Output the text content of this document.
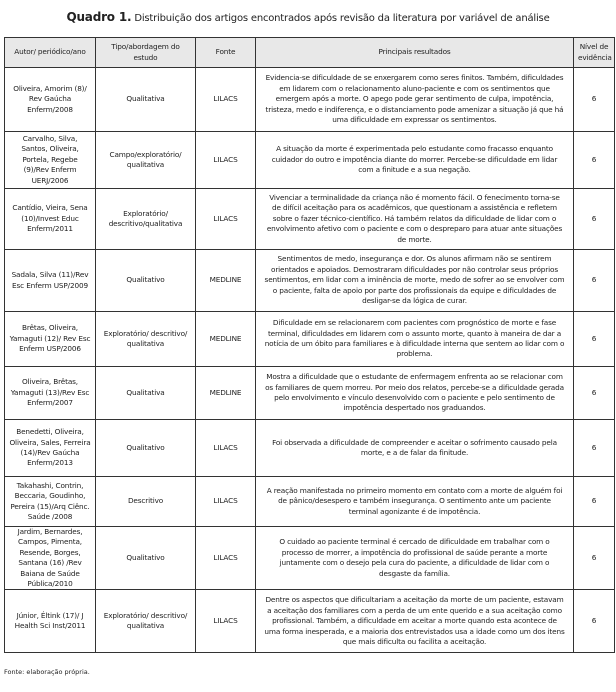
Quadro 1. Distribuição dos artigos encontrados após revisão da literatura por variável de análise
Autor/ periódico/ano	Tipo/abordagem do estudo	Fonte	Principais resultados	Nível de evidência
Oliveira, Amorim (8)/ Rev Gaúcha Enferm/2008	Qualitativa	LILACS	Evidencia-se dificuldade de se enxergarem como seres finitos. Também, dificuldades em lidarem com o relacionamento aluno-paciente e com os sentimentos que emergem após a morte. O apego pode gerar sentimento de culpa, impotência, tristeza, medo e indiferença, e o distanciamento pode amenizar a situação já que há uma dificuldade em expressar os sentimentos.	6
Carvalho, Silva, Santos, Oliveira, Portela, Regebe (9)/Rev Enferm UERJ/2006	Campo/exploratório/ qualitativa	LILACS	A situação da morte é experimentada pelo estudante como fracasso enquanto cuidador do outro e impotência diante do morrer. Percebe-se dificuldade em lidar com a finitude e a sua negação.	6
Cantídio, Vieira, Sena (10)/Invest Educ Enferm/2011	Exploratório/ descritivo/qualitativa	LILACS	Vivenciar a terminalidade da criança não é momento fácil. O fenecimento torna-se de difícil aceitação para os acadêmicos, que questionam a assistência e refletem sobre o fazer técnico-científico. Há também relatos da dificuldade de lidar com o envolvimento afetivo com o paciente e com o despreparo para atuar ante situações de morte.	6
Sadala, Silva (11)/Rev Esc Enferm USP/2009	Qualitativo	MEDLINE	Sentimentos de medo, insegurança e dor. Os alunos afirmam não se sentirem orientados e apoiados. Demostraram dificuldades por não controlar seus próprios sentimentos, em lidar com a iminência de morte, medo de sofrer ao se envolver com o paciente, falta de apoio por parte dos profissionais da equipe e dificuldades de desligar-se da lógica de curar.	6
Brêtas, Oliveira, Yamaguti (12)/ Rev Esc Enferm USP/2006	Exploratório/ descritivo/ qualitativa	MEDLINE	Dificuldade em se relacionarem com pacientes com prognóstico de morte e fase terminal, dificuldades em lidarem com o assunto morte, quanto à maneira de dar a notícia de um óbito para familiares e à dificuldade interna que sentem ao lidar com o problema.	6
Oliveira, Brêtas, Yamaguti (13)/Rev Esc Enferm/2007	Qualitativa	MEDLINE	Mostra a dificuldade que o estudante de enfermagem enfrenta ao se relacionar com os familiares de quem morreu. Por meio dos relatos, percebe-se a dificuldade gerada pelo envolvimento e vínculo desenvolvido com o paciente e pelo sentimento de impotência despertado nos graduandos.	6
Benedetti, Oliveira, Oliveira, Sales, Ferreira (14)/Rev Gaúcha Enferm/2013	Qualitativo	LILACS	Foi observada a dificuldade de compreender e aceitar o sofrimento causado pela morte, e a de falar da finitude.	6
Takahashi, Contrin, Beccaria, Goudinho, Pereira (15)/Arq Ciênc. Saúde /2008	Descritivo	LILACS	A reação manifestada no primeiro momento em contato com a morte de alguém foi de pânico/desespero e também insegurança. O sentimento ante um paciente terminal agonizante é de impotência.	6
Jardim, Bernardes, Campos, Pimenta, Resende, Borges, Santana (16) /Rev Baiana de Saúde Pública/2010	Qualitativo	LILACS	O cuidado ao paciente terminal é cercado de dificuldade em trabalhar com o processo de morrer, a impotência do profissional de saúde perante a morte juntamente com o desejo pela cura do paciente, a dificuldade de lidar com o desgaste da família.	6
Júnior, Éltink (17)/ J Health Sci Inst/2011	Exploratório/ descritivo/ qualitativa	LILACS	Dentre os aspectos que dificultariam a aceitação da morte de um paciente, estavam a aceitação dos familiares com a perda de um ente querido e a sua aceitação como profissional. Também, a dificuldade em aceitar a morte quando esta acontece de uma forma inesperada, e a maioria dos entrevistados usa a idade como um dos itens que mais dificulta ou facilita a aceitação.	6
Fonte: elaboração própria.
